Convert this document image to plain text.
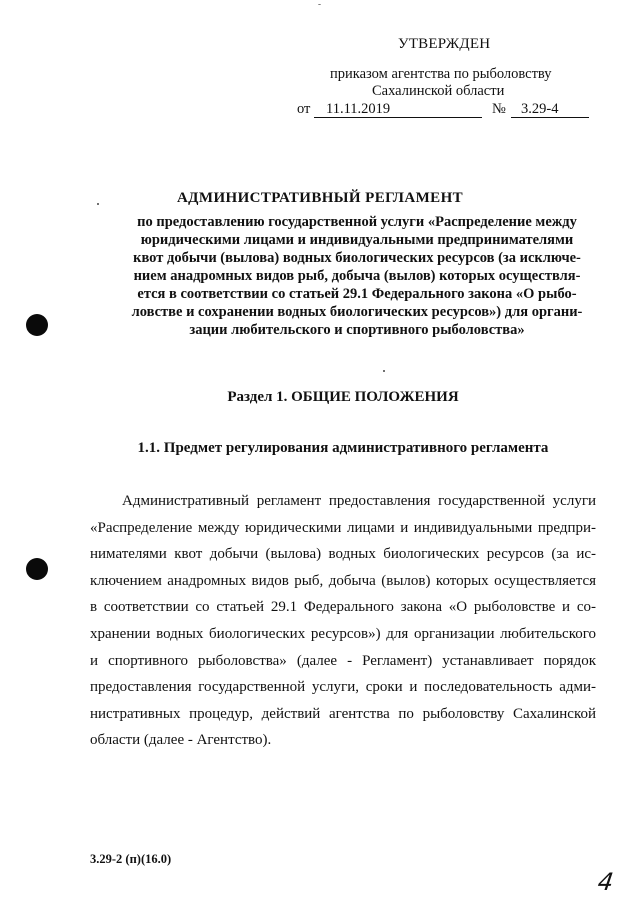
УТВЕРЖДЕН
приказом агентства по рыболовству
Сахалинской области
от	11.11.2019	№	3.29-4
АДМИНИСТРАТИВНЫЙ РЕГЛАМЕНТ
по предоставлению государственной услуги «Распределение между
юридическими лицами и индивидуальными предпринимателями
квот добычи (вылова) водных биологических ресурсов (за исключе-
нием анадромных видов рыб, добыча (вылов) которых осуществля-
ется в соответствии со статьей 29.1 Федерального закона «О рыбо-
ловстве и сохранении водных биологических ресурсов») для органи-
зации любительского и спортивного рыболовства»
Раздел 1. ОБЩИЕ ПОЛОЖЕНИЯ
1.1. Предмет регулирования административного регламента
Административный регламент предоставления государственной услуги
«Распределение между юридическими лицами и индивидуальными предпри-
нимателями квот добычи (вылова) водных биологических ресурсов (за ис-
ключением анадромных видов рыб, добыча (вылов) которых осуществляется
в соответствии со статьей 29.1 Федерального закона «О рыболовстве и со-
хранении водных биологических ресурсов») для организации любительского
и спортивного рыболовства» (далее - Регламент) устанавливает порядок
предоставления государственной услуги, сроки и последовательность адми-
нистративных процедур, действий агентства по рыболовству Сахалинской
области (далее - Агентство).
3.29-2 (п)(16.0)
4
